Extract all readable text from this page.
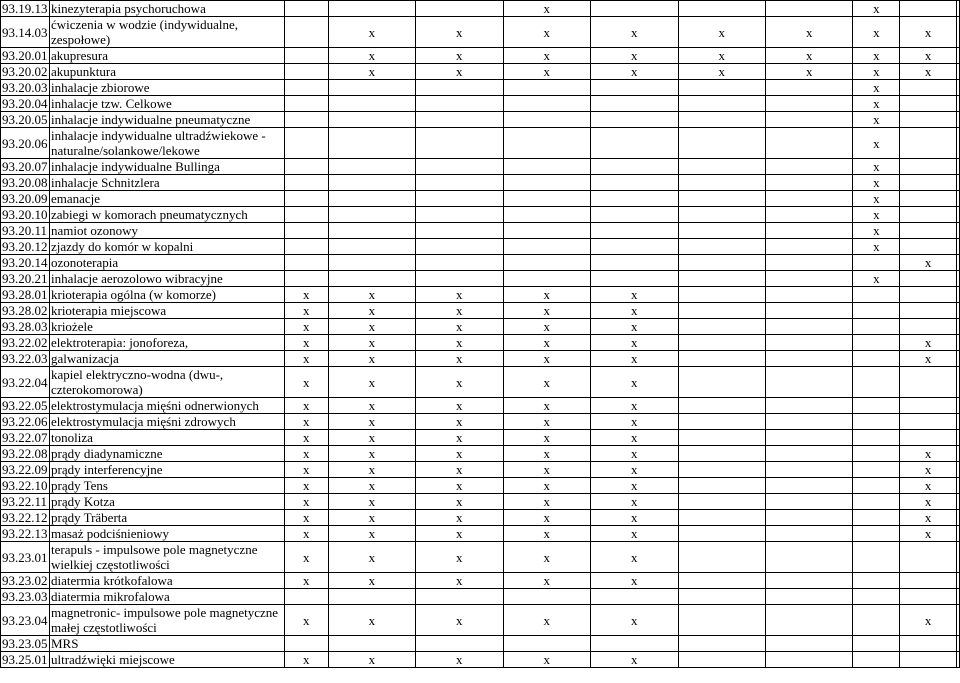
93.19.13	kinezyterapia psychoruchowa				x				x		
93.14.03	ćwiczenia w wodzie (indywidualne, zespołowe)		x	x	x	x	x	x	x	x	
93.20.01	akupresura		x	x	x	x	x	x	x	x	
93.20.02	akupunktura		x	x	x	x	x	x	x	x	
93.20.03	inhalacje zbiorowe								x		
93.20.04	inhalacje tzw. Celkowe								x		
93.20.05	inhalacje indywidualne pneumatyczne								x		
93.20.06	inhalacje indywidualne ultradźwiekowe - naturalne/solankowe/lekowe								x		
93.20.07	inhalacje indywidualne Bullinga								x		
93.20.08	inhalacje Schnitzlera								x		
93.20.09	emanacje								x		
93.20.10	zabiegi w komorach pneumatycznych								x		
93.20.11	namiot ozonowy								x		
93.20.12	zjazdy do komór w kopalni								x		
93.20.14	ozonoterapia									x	
93.20.21	inhalacje aerozolowo wibracyjne								x		
93.28.01	krioterapia ogólna (w komorze)	x	x	x	x	x					
93.28.02	krioterapia miejscowa	x	x	x	x	x					
93.28.03	kriożele	x	x	x	x	x					
93.22.02	elektroterapia: jonoforeza,	x	x	x	x	x				x	
93.22.03	galwanizacja	x	x	x	x	x				x	
93.22.04	kapiel elektryczno-wodna (dwu-, czterokomorowa)	x	x	x	x	x					
93.22.05	elektrostymulacja mięśni odnerwionych	x	x	x	x	x					
93.22.06	elektrostymulacja mięśni zdrowych	x	x	x	x	x					
93.22.07	tonoliza	x	x	x	x	x					
93.22.08	prądy diadynamiczne	x	x	x	x	x				x	
93.22.09	prądy interferencyjne	x	x	x	x	x				x	
93.22.10	prądy Tens	x	x	x	x	x				x	
93.22.11	prądy Kotza	x	x	x	x	x				x	
93.22.12	prądy Träberta	x	x	x	x	x				x	
93.22.13	masaż podciśnieniowy	x	x	x	x	x				x	
93.23.01	terapuls - impulsowe pole magnetyczne wielkiej częstotliwości	x	x	x	x	x					
93.23.02	diatermia krótkofalowa	x	x	x	x	x					
93.23.03	diatermia mikrofalowa										
93.23.04	magnetronic- impulsowe pole magnetyczne małej częstotliwości	x	x	x	x	x				x	
93.23.05	MRS										
93.25.01	ultradźwięki miejscowe	x	x	x	x	x					
